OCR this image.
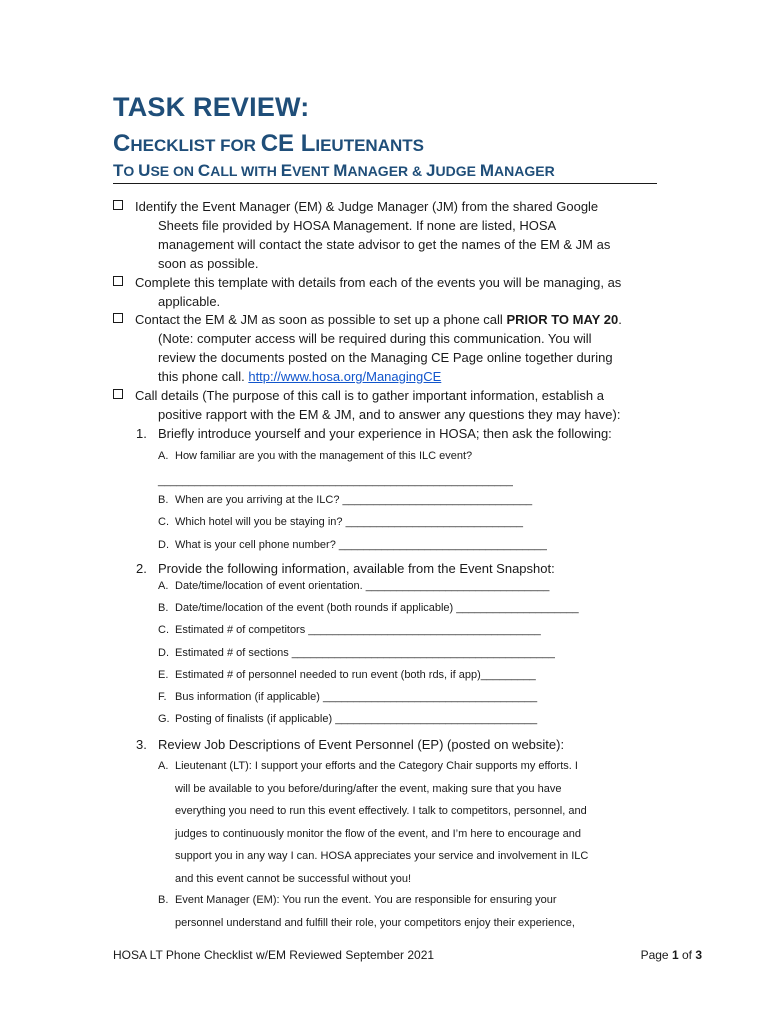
TASK REVIEW:

CHECKLIST FOR CE LIEUTENANTS

TO USE ON CALL WITH EVENT MANAGER & JUDGE MANAGER

Identify the Event Manager (EM) & Judge Manager (JM) from the shared Google
Sheets file provided by HOSA Management. If none are listed, HOSA
management will contact the state advisor to get the names of the EM & JM as
soon as possible.
Complete this template with details from each of the events you will be managing, as
applicable.
Contact the EM & JM as soon as possible to set up a phone call PRIOR TO MAY 20.
(Note: computer access will be required during this communication. You will
review the documents posted on the Managing CE Page online together during
this phone call. http://www.hosa.org/ManagingCE
Call details (The purpose of this call is to gather important information, establish a
positive rapport with the EM & JM, and to answer any questions they may have):
1. Briefly introduce yourself and your experience in HOSA; then ask the following:
A. How familiar are you with the management of this ILC event?
__________________________________________________________
B. When are you arriving at the ILC? _______________________________
C. Which hotel will you be staying in? _____________________________
D. What is your cell phone number? __________________________________
2. Provide the following information, available from the Event Snapshot:
A. Date/time/location of event orientation. ______________________________
B. Date/time/location of the event (both rounds if applicable) ____________________
C. Estimated # of competitors ______________________________________
D. Estimated # of sections ___________________________________________
E. Estimated # of personnel needed to run event (both rds, if app)_________
F. Bus information (if applicable) ___________________________________
G. Posting of finalists (if applicable) _________________________________
3. Review Job Descriptions of Event Personnel (EP) (posted on website):
A. Lieutenant (LT): I support your efforts and the Category Chair supports my efforts. I
will be available to you before/during/after the event, making sure that you have
everything you need to run this event effectively. I talk to competitors, personnel, and
judges to continuously monitor the flow of the event, and I’m here to encourage and
support you in any way I can. HOSA appreciates your service and involvement in ILC
and this event cannot be successful without you!
B. Event Manager (EM): You run the event. You are responsible for ensuring your
personnel understand and fulfill their role, your competitors enjoy their experience,
HOSA LT Phone Checklist w/EM Reviewed September 2021	Page 1 of 3
